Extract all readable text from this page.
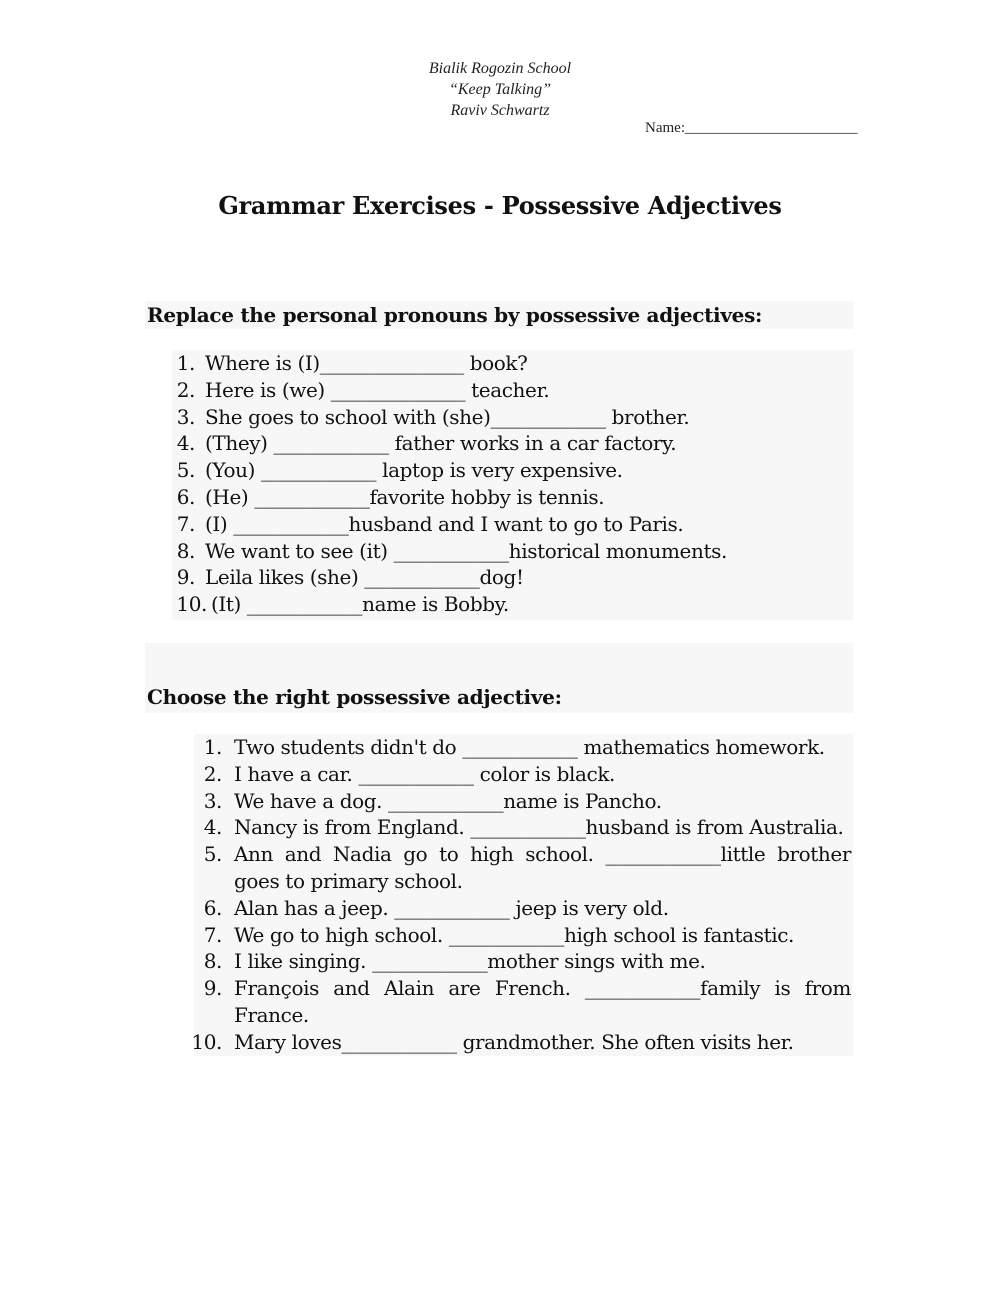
Bialik Rogozin School
“Keep Talking”
Raviv Schwartz
Name:_______________________
Grammar Exercises - Possessive Adjectives
Replace the personal pronouns by possessive adjectives:
1. Where is (I)_______________ book?
2. Here is (we) ______________ teacher.
3. She goes to school with (she)____________ brother.
4. (They) ____________ father works in a car factory.
5. (You) ____________ laptop is very expensive.
6. (He) ____________favorite hobby is tennis.
7. (I) ____________husband and I want to go to Paris.
8. We want to see (it) ____________historical monuments.
9. Leila likes (she) ____________dog!
10. (It) ____________name is Bobby.
Choose the right possessive adjective:
1. Two students didn't do ____________ mathematics homework.
2. I have a car. ____________ color is black.
3. We have a dog. ____________name is Pancho.
4. Nancy is from England. ____________husband is from Australia.
5. Ann and Nadia go to high school. ____________little brother goes to primary school.
6. Alan has a jeep. ____________ jeep is very old.
7. We go to high school. ____________high school is fantastic.
8. I like singing. ____________mother sings with me.
9. François and Alain are French. ____________family is from France.
10. Mary loves____________ grandmother. She often visits her.
